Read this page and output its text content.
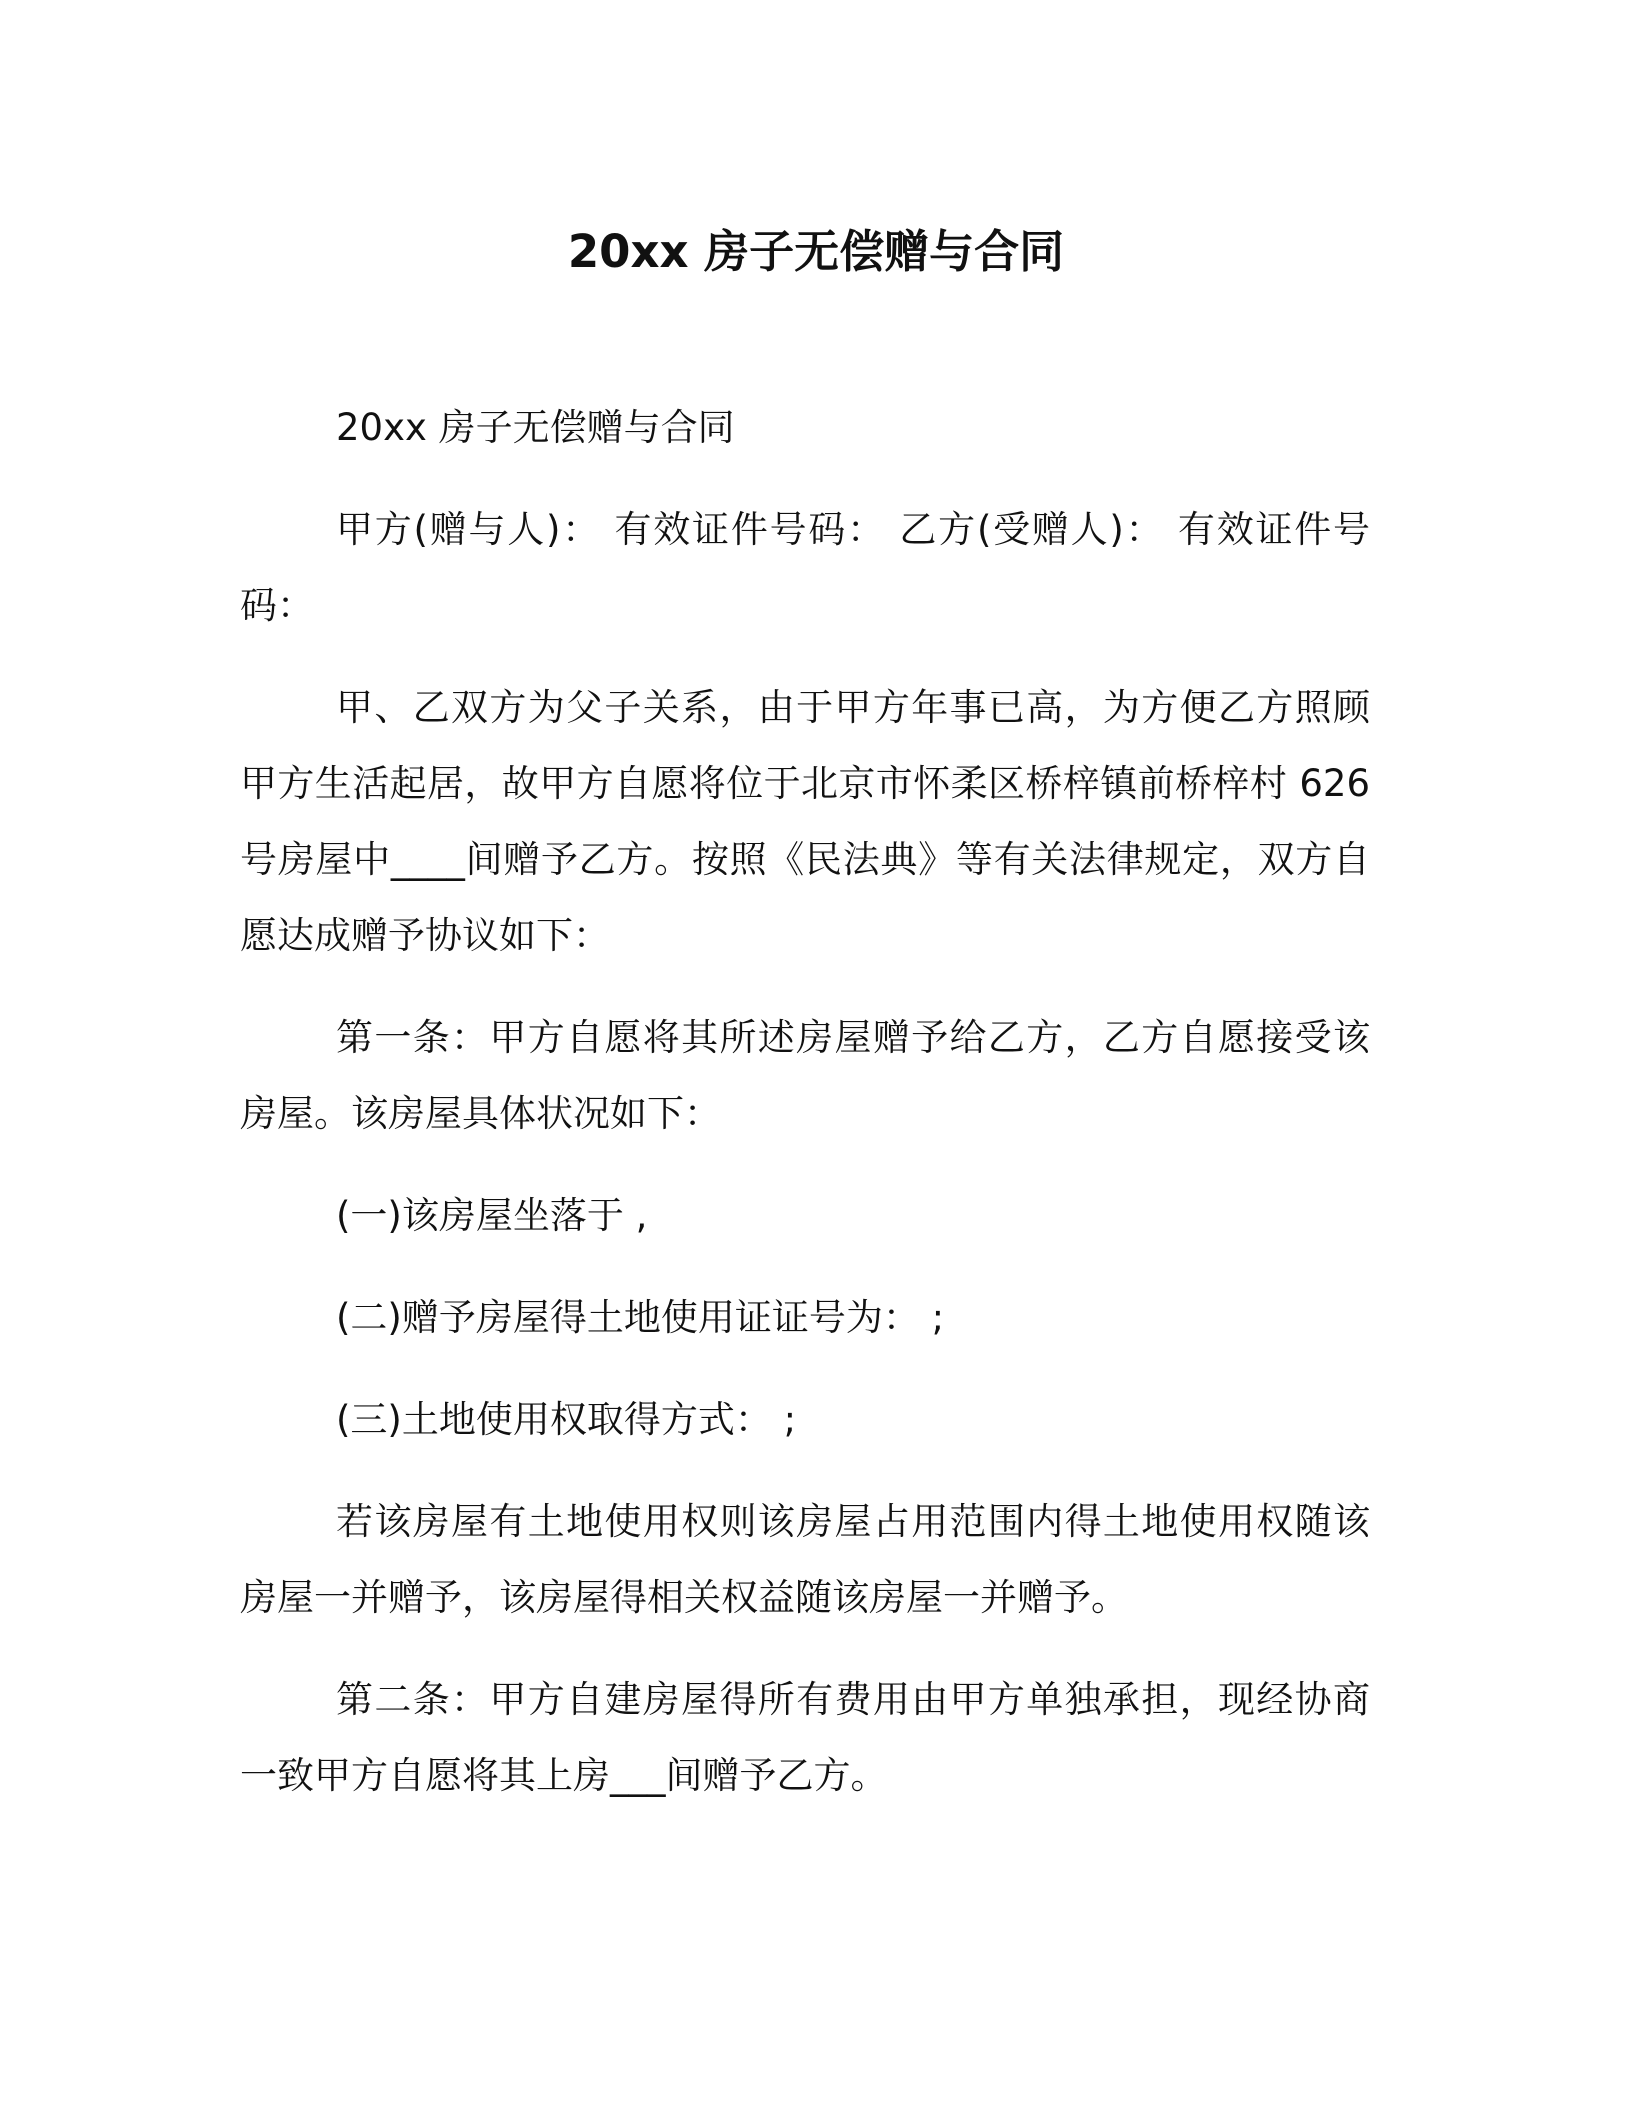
20xx 房子无偿赠与合同

20xx 房子无偿赠与合同

甲方(赠与人)： 有效证件号码： 乙方(受赠人)： 有效证件号码：

甲、乙双方为父子关系，由于甲方年事已高，为方便乙方照顾甲方生活起居，故甲方自愿将位于北京市怀柔区桥梓镇前桥梓村 626 号房屋中____间赠予乙方。按照《民法典》等有关法律规定，双方自愿达成赠予协议如下：

第一条：甲方自愿将其所述房屋赠予给乙方，乙方自愿接受该房屋。该房屋具体状况如下：

(一)该房屋坐落于 ,

(二)赠予房屋得土地使用证证号为： ;

(三)土地使用权取得方式： ;

若该房屋有土地使用权则该房屋占用范围内得土地使用权随该房屋一并赠予，该房屋得相关权益随该房屋一并赠予。

第二条：甲方自建房屋得所有费用由甲方单独承担，现经协商一致甲方自愿将其上房___间赠予乙方。
